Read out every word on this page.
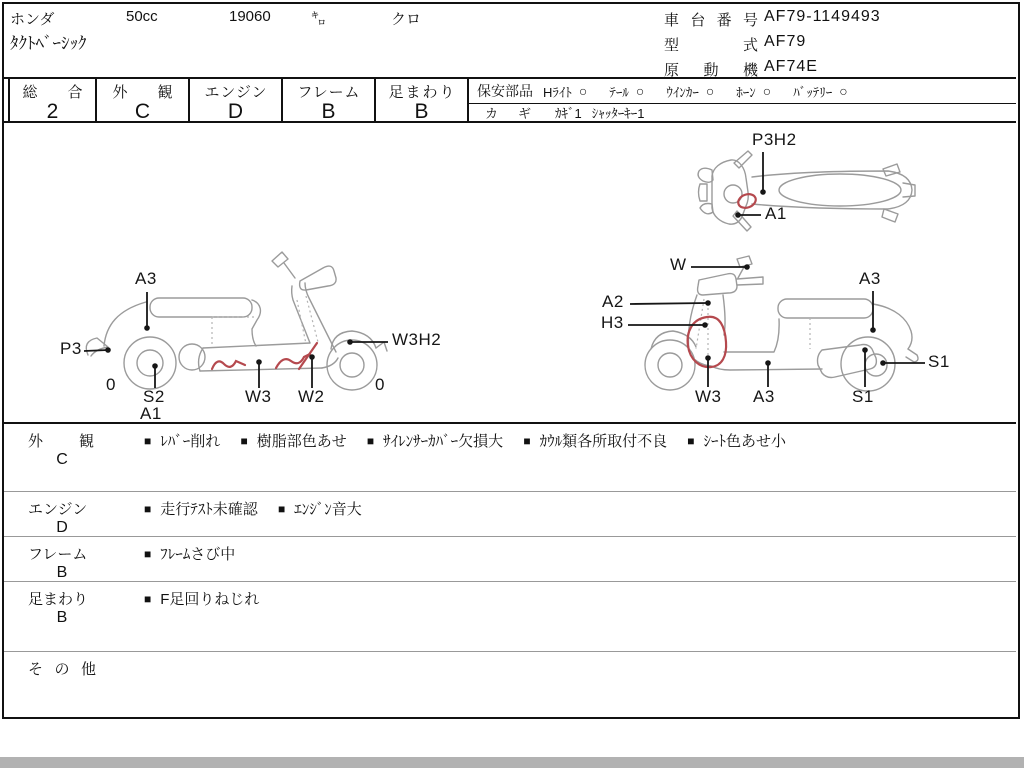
ホンダ	50cc	19060	㌔	クロ
ﾀｸﾄﾍﾞｰｼｯｸ
車台番号 AF79-1149493
型式 AF79
原動機 AF74E
総合
2
外観
C
エンジン
D
フレーム
B
足まわり
B
保安部品 Hﾗｲﾄ ○ ﾃｰﾙ ○ ｳｲﾝｶｰ ○ ﾎｰﾝ ○ ﾊﾞｯﾃﾘｰ ○
カギ ｶｷﾞ1 ｼｬｯﾀｰｷｰ1
A3
P3
0
S2
A1
W3 W2
W3H2
0
P3H2
A1
W
A2
H3
W3 A3
A3
S1
S1
外観
C
■ ﾚﾊﾞｰ削れ ■ 樹脂部色あせ ■ ｻｲﾚﾝｻｰｶﾊﾞｰ欠損大 ■ ｶｳﾙ類各所取付不良 ■ ｼｰﾄ色あせ小
エンジン
D
■ 走行ﾃｽﾄ未確認 ■ ｴﾝｼﾞﾝ音大
フレーム
B
■ ﾌﾚｰﾑさび中
足まわり
B
■ F足回りねじれ
その他
